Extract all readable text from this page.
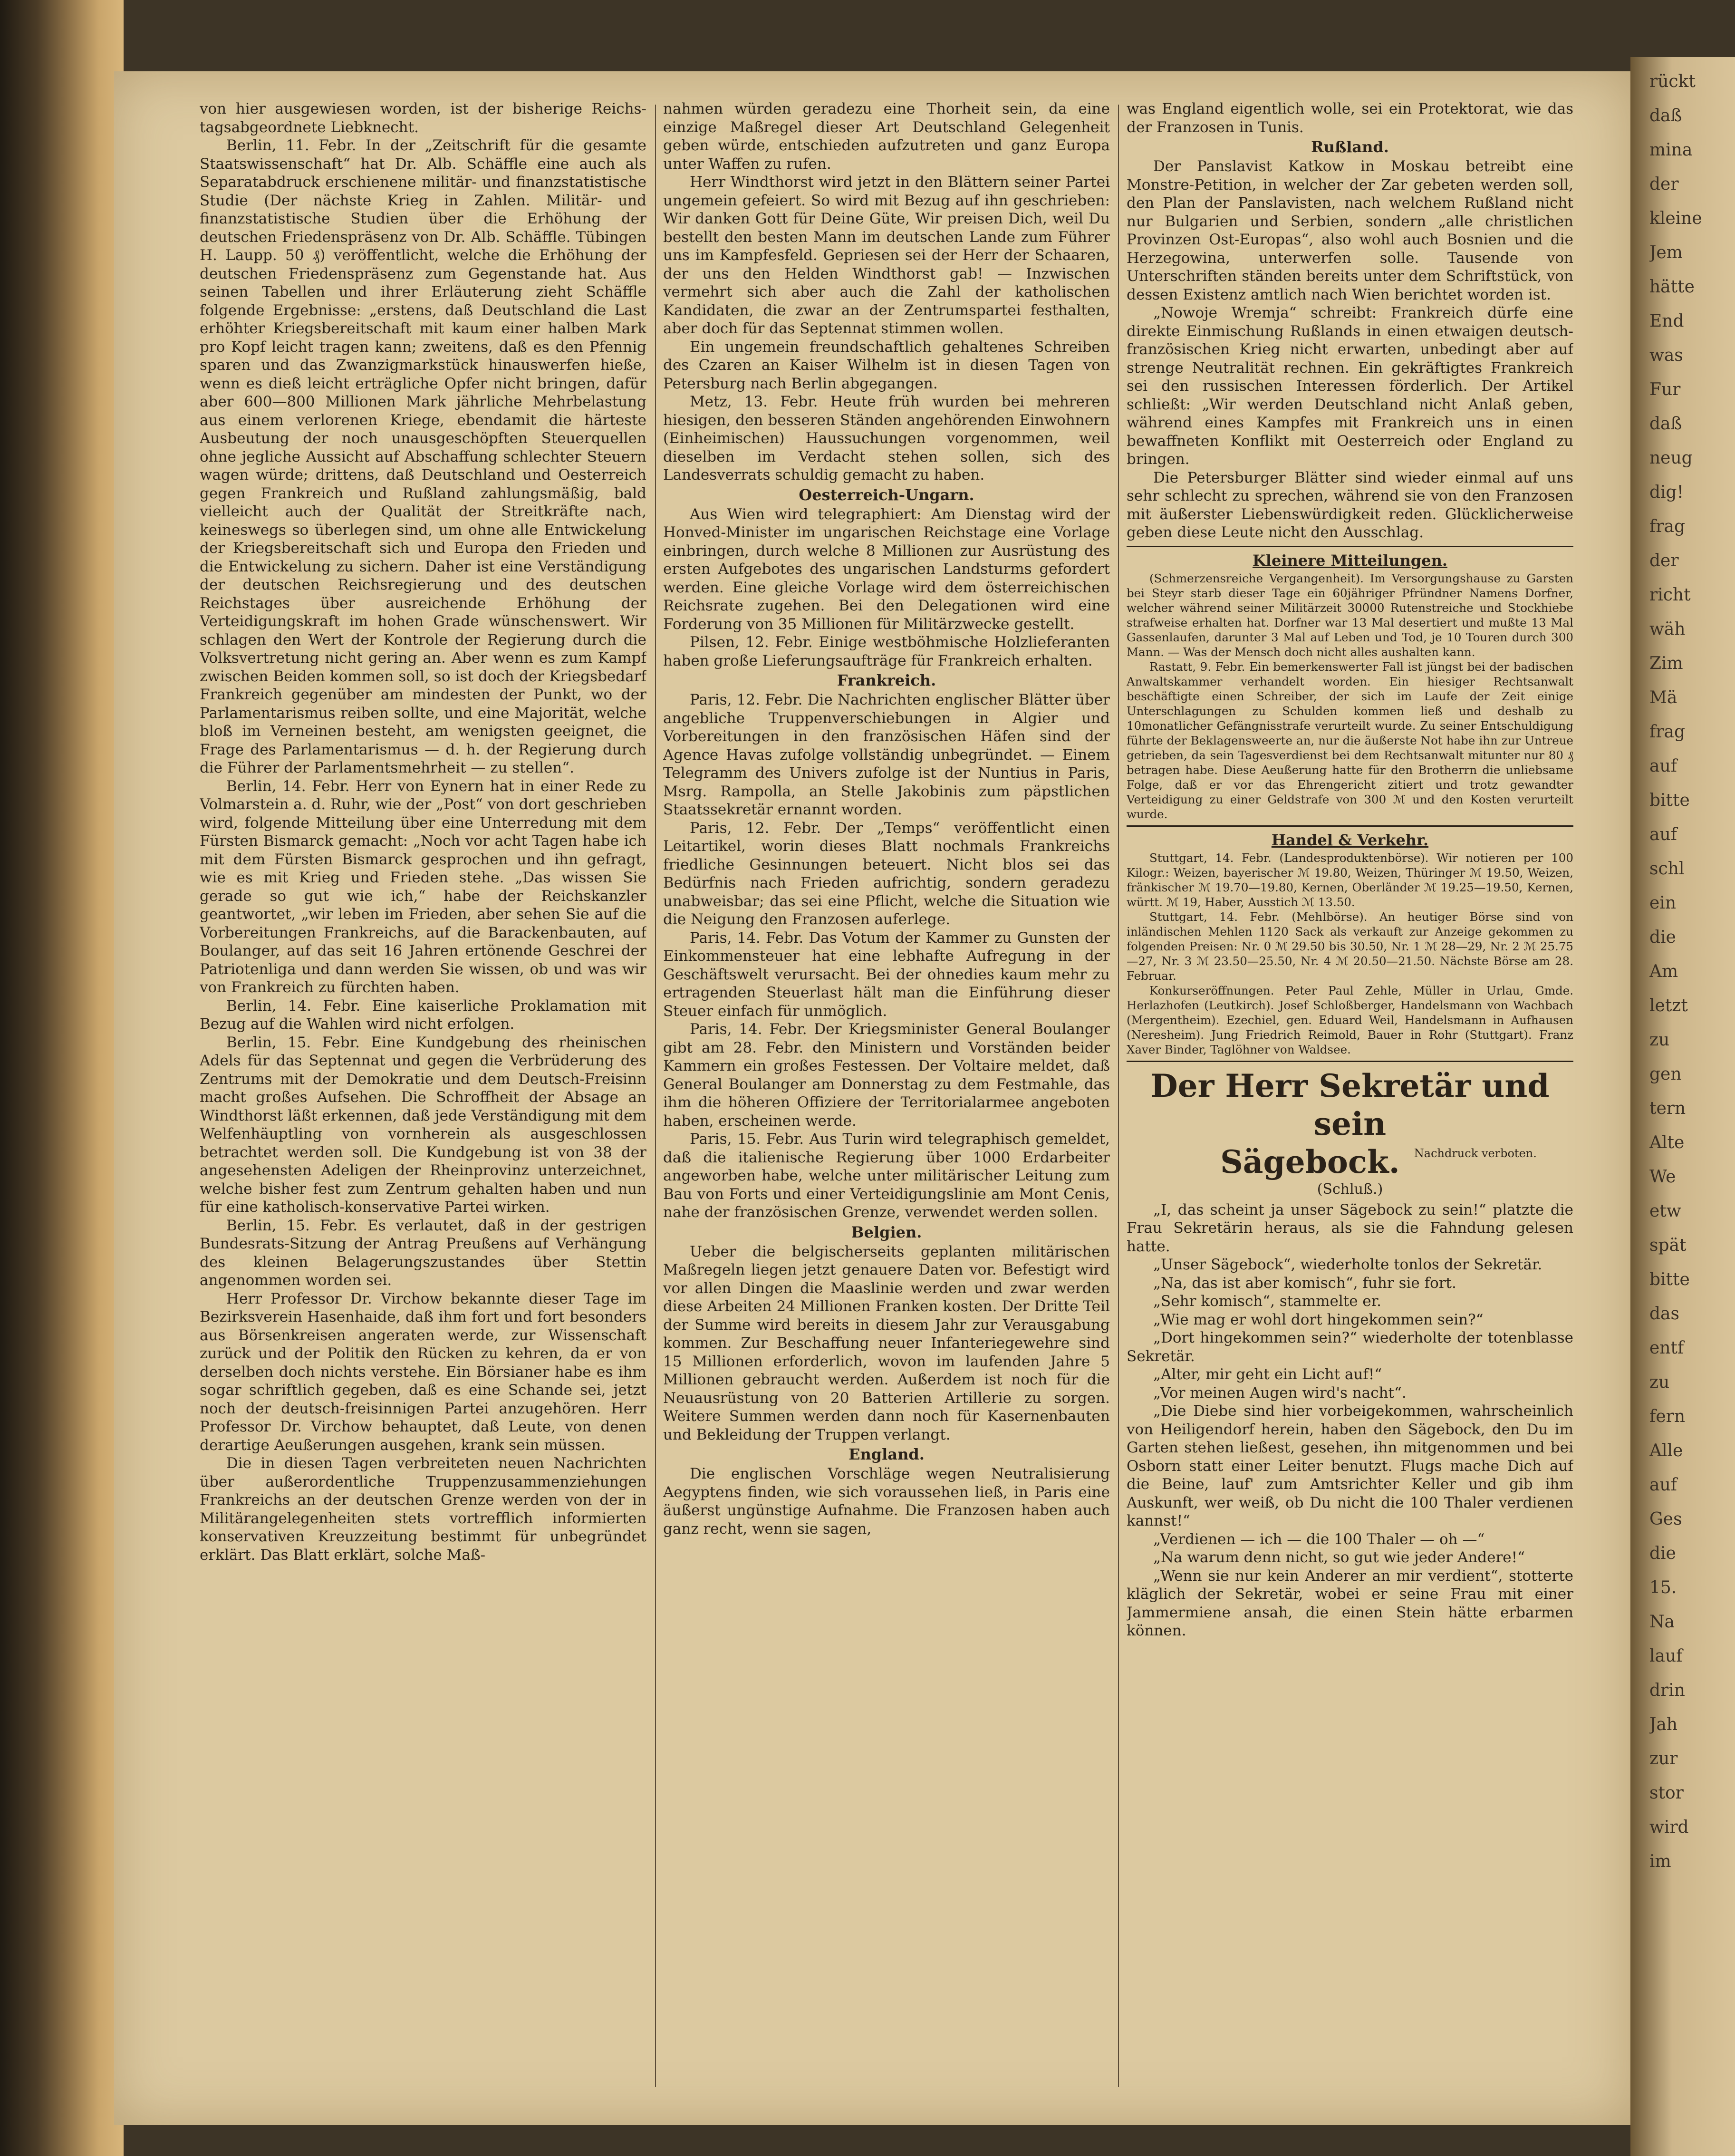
rückt
daß
mina
der
kleine
Jem
hätte
End
was
Fur
daß
neug
dig!
frag
der
richt
wäh
Zim
Mä
frag
auf
bitte
auf
schl
ein
die
Am
letzt
zu
gen
tern
Alte
We
etw
spät
bitte
das
entf
zu
fern
Alle
auf
Ges
die
15.
Na
lauf
drin
Jah
zur
stor
wird
im

von hier ausgewiesen worden, ist der bisherige Reichs-tagsabgeordnete Liebknecht.

Berlin, 11. Febr. In der „Zeitschrift für die gesamte Staatswissenschaft“ hat Dr. Alb. Schäffle eine auch als Separatabdruck erschienene militär- und finanzstatistische Studie (Der nächste Krieg in Zahlen. Militär- und finanzstatistische Studien über die Erhöhung der deutschen Friedenspräsenz von Dr. Alb. Schäffle. Tübingen H. Laupp. 50 ₰) veröffentlicht, welche die Erhöhung der deutschen Friedenspräsenz zum Gegenstande hat. Aus seinen Tabellen und ihrer Erläuterung zieht Schäffle folgende Ergebnisse: „erstens, daß Deutschland die Last erhöhter Kriegsbereitschaft mit kaum einer halben Mark pro Kopf leicht tragen kann; zweitens, daß es den Pfennig sparen und das Zwanzigmarkstück hinauswerfen hieße, wenn es dieß leicht erträgliche Opfer nicht bringen, dafür aber 600—800 Millionen Mark jährliche Mehrbelastung aus einem verlorenen Kriege, ebendamit die härteste Ausbeutung der noch unausgeschöpften Steuerquellen ohne jegliche Aussicht auf Abschaffung schlechter Steuern wagen würde; drittens, daß Deutschland und Oesterreich gegen Frankreich und Rußland zahlungsmäßig, bald vielleicht auch der Qualität der Streitkräfte nach, keineswegs so überlegen sind, um ohne alle Entwickelung der Kriegsbereitschaft sich und Europa den Frieden und die Entwickelung zu sichern. Daher ist eine Verständigung der deutschen Reichsregierung und des deutschen Reichstages über ausreichende Erhöhung der Verteidigungskraft im hohen Grade wünschenswert. Wir schlagen den Wert der Kontrole der Regierung durch die Volksvertretung nicht gering an. Aber wenn es zum Kampf zwischen Beiden kommen soll, so ist doch der Kriegsbedarf Frankreich gegenüber am mindesten der Punkt, wo der Parlamentarismus reiben sollte, und eine Majorität, welche bloß im Verneinen besteht, am wenigsten geeignet, die Frage des Parlamentarismus — d. h. der Regierung durch die Führer der Parlamentsmehrheit — zu stellen“.

Berlin, 14. Febr. Herr von Eynern hat in einer Rede zu Volmarstein a. d. Ruhr, wie der „Post“ von dort geschrieben wird, folgende Mitteilung über eine Unterredung mit dem Fürsten Bismarck gemacht: „Noch vor acht Tagen habe ich mit dem Fürsten Bismarck gesprochen und ihn gefragt, wie es mit Krieg und Frieden stehe. „Das wissen Sie gerade so gut wie ich,“ habe der Reichskanzler geantwortet, „wir leben im Frieden, aber sehen Sie auf die Vorbereitungen Frankreichs, auf die Barackenbauten, auf Boulanger, auf das seit 16 Jahren ertönende Geschrei der Patriotenliga und dann werden Sie wissen, ob und was wir von Frankreich zu fürchten haben.

Berlin, 14. Febr. Eine kaiserliche Proklamation mit Bezug auf die Wahlen wird nicht erfolgen.

Berlin, 15. Febr. Eine Kundgebung des rheinischen Adels für das Septennat und gegen die Verbrüderung des Zentrums mit der Demokratie und dem Deutsch-Freisinn macht großes Aufsehen. Die Schroffheit der Absage an Windthorst läßt erkennen, daß jede Verständigung mit dem Welfenhäuptling von vornherein als ausgeschlossen betrachtet werden soll. Die Kundgebung ist von 38 der angesehensten Adeligen der Rheinprovinz unterzeichnet, welche bisher fest zum Zentrum gehalten haben und nun für eine katholisch-konservative Partei wirken.

Berlin, 15. Febr. Es verlautet, daß in der gestrigen Bundesrats-Sitzung der Antrag Preußens auf Verhängung des kleinen Belagerungszustandes über Stettin angenommen worden sei.

Herr Professor Dr. Virchow bekannte dieser Tage im Bezirksverein Hasenhaide, daß ihm fort und fort besonders aus Börsenkreisen angeraten werde, zur Wissenschaft zurück und der Politik den Rücken zu kehren, da er von derselben doch nichts verstehe. Ein Börsianer habe es ihm sogar schriftlich gegeben, daß es eine Schande sei, jetzt noch der deutsch-freisinnigen Partei anzugehören. Herr Professor Dr. Virchow behauptet, daß Leute, von denen derartige Aeußerungen ausgehen, krank sein müssen.

Die in diesen Tagen verbreiteten neuen Nachrichten über außerordentliche Truppenzusammenziehungen Frankreichs an der deutschen Grenze werden von der in Militärangelegenheiten stets vortrefflich informierten konservativen Kreuzzeitung bestimmt für unbegründet erklärt. Das Blatt erklärt, solche Maß-

nahmen würden geradezu eine Thorheit sein, da eine einzige Maßregel dieser Art Deutschland Gelegenheit geben würde, entschieden aufzutreten und ganz Europa unter Waffen zu rufen.

Herr Windthorst wird jetzt in den Blättern seiner Partei ungemein gefeiert. So wird mit Bezug auf ihn geschrieben: Wir danken Gott für Deine Güte, Wir preisen Dich, weil Du bestellt den besten Mann im deutschen Lande zum Führer uns im Kampfesfeld. Gepriesen sei der Herr der Schaaren, der uns den Helden Windthorst gab! — Inzwischen vermehrt sich aber auch die Zahl der katholischen Kandidaten, die zwar an der Zentrumspartei festhalten, aber doch für das Septennat stimmen wollen.

Ein ungemein freundschaftlich gehaltenes Schreiben des Czaren an Kaiser Wilhelm ist in diesen Tagen von Petersburg nach Berlin abgegangen.

Metz, 13. Febr. Heute früh wurden bei mehreren hiesigen, den besseren Ständen angehörenden Einwohnern (Einheimischen) Haussuchungen vorgenommen, weil dieselben im Verdacht stehen sollen, sich des Landesverrats schuldig gemacht zu haben.

Oesterreich-Ungarn.

Aus Wien wird telegraphiert: Am Dienstag wird der Honved-Minister im ungarischen Reichstage eine Vorlage einbringen, durch welche 8 Millionen zur Ausrüstung des ersten Aufgebotes des ungarischen Landsturms gefordert werden. Eine gleiche Vorlage wird dem österreichischen Reichsrate zugehen. Bei den Delegationen wird eine Forderung von 35 Millionen für Militärzwecke gestellt.

Pilsen, 12. Febr. Einige westböhmische Holzlieferanten haben große Lieferungsaufträge für Frankreich erhalten.

Frankreich.

Paris, 12. Febr. Die Nachrichten englischer Blätter über angebliche Truppenverschiebungen in Algier und Vorbereitungen in den französischen Häfen sind der Agence Havas zufolge vollständig unbegründet. — Einem Telegramm des Univers zufolge ist der Nuntius in Paris, Msrg. Rampolla, an Stelle Jakobinis zum päpstlichen Staatssekretär ernannt worden.

Paris, 12. Febr. Der „Temps“ veröffentlicht einen Leitartikel, worin dieses Blatt nochmals Frankreichs friedliche Gesinnungen beteuert. Nicht blos sei das Bedürfnis nach Frieden aufrichtig, sondern geradezu unabweisbar; das sei eine Pflicht, welche die Situation wie die Neigung den Franzosen auferlege.

Paris, 14. Febr. Das Votum der Kammer zu Gunsten der Einkommensteuer hat eine lebhafte Aufregung in der Geschäftswelt verursacht. Bei der ohnedies kaum mehr zu ertragenden Steuerlast hält man die Einführung dieser Steuer einfach für unmöglich.

Paris, 14. Febr. Der Kriegsminister General Boulanger gibt am 28. Febr. den Ministern und Vorständen beider Kammern ein großes Festessen. Der Voltaire meldet, daß General Boulanger am Donnerstag zu dem Festmahle, das ihm die höheren Offiziere der Territorialarmee angeboten haben, erscheinen werde.

Paris, 15. Febr. Aus Turin wird telegraphisch gemeldet, daß die italienische Regierung über 1000 Erdarbeiter angeworben habe, welche unter militärischer Leitung zum Bau von Forts und einer Verteidigungslinie am Mont Cenis, nahe der französischen Grenze, verwendet werden sollen.

Belgien.

Ueber die belgischerseits geplanten militärischen Maßregeln liegen jetzt genauere Daten vor. Befestigt wird vor allen Dingen die Maaslinie werden und zwar werden diese Arbeiten 24 Millionen Franken kosten. Der Dritte Teil der Summe wird bereits in diesem Jahr zur Verausgabung kommen. Zur Beschaffung neuer Infanteriegewehre sind 15 Millionen erforderlich, wovon im laufenden Jahre 5 Millionen gebraucht werden. Außerdem ist noch für die Neuausrüstung von 20 Batterien Artillerie zu sorgen. Weitere Summen werden dann noch für Kasernenbauten und Bekleidung der Truppen verlangt.

England.

Die englischen Vorschläge wegen Neutralisierung Aegyptens finden, wie sich voraussehen ließ, in Paris eine äußerst ungünstige Aufnahme. Die Franzosen haben auch ganz recht, wenn sie sagen,

was England eigentlich wolle, sei ein Protektorat, wie das der Franzosen in Tunis.

Rußland.

Der Panslavist Katkow in Moskau betreibt eine Monstre-Petition, in welcher der Zar gebeten werden soll, den Plan der Panslavisten, nach welchem Rußland nicht nur Bulgarien und Serbien, sondern „alle christlichen Provinzen Ost-Europas“, also wohl auch Bosnien und die Herzegowina, unterwerfen solle. Tausende von Unterschriften ständen bereits unter dem Schriftstück, von dessen Existenz amtlich nach Wien berichtet worden ist.

„Nowoje Wremja“ schreibt: Frankreich dürfe eine direkte Einmischung Rußlands in einen etwaigen deutsch-französischen Krieg nicht erwarten, unbedingt aber auf strenge Neutralität rechnen. Ein gekräftigtes Frankreich sei den russischen Interessen förderlich. Der Artikel schließt: „Wir werden Deutschland nicht Anlaß geben, während eines Kampfes mit Frankreich uns in einen bewaffneten Konflikt mit Oesterreich oder England zu bringen.

Die Petersburger Blätter sind wieder einmal auf uns sehr schlecht zu sprechen, während sie von den Franzosen mit äußerster Liebenswürdigkeit reden. Glücklicherweise geben diese Leute nicht den Ausschlag.

Kleinere Mitteilungen.

(Schmerzensreiche Vergangenheit). Im Versorgungshause zu Garsten bei Steyr starb dieser Tage ein 60jähriger Pfründner Namens Dorfner, welcher während seiner Militärzeit 30000 Rutenstreiche und Stockhiebe strafweise erhalten hat. Dorfner war 13 Mal desertiert und mußte 13 Mal Gassenlaufen, darunter 3 Mal auf Leben und Tod, je 10 Touren durch 300 Mann. — Was der Mensch doch nicht alles aushalten kann.

Rastatt, 9. Febr. Ein bemerkenswerter Fall ist jüngst bei der badischen Anwaltskammer verhandelt worden. Ein hiesiger Rechtsanwalt beschäftigte einen Schreiber, der sich im Laufe der Zeit einige Unterschlagungen zu Schulden kommen ließ und deshalb zu 10monatlicher Gefängnisstrafe verurteilt wurde. Zu seiner Entschuldigung führte der Beklagensweerte an, nur die äußerste Not habe ihn zur Untreue getrieben, da sein Tagesverdienst bei dem Rechtsanwalt mitunter nur 80 ₰ betragen habe. Diese Aeußerung hatte für den Brotherrn die unliebsame Folge, daß er vor das Ehrengericht zitiert und trotz gewandter Verteidigung zu einer Geldstrafe von 300 ℳ und den Kosten verurteilt wurde.

Handel & Verkehr.

Stuttgart, 14. Febr. (Landesproduktenbörse). Wir notieren per 100 Kilogr.: Weizen, bayerischer ℳ 19.80, Weizen, Thüringer ℳ 19.50, Weizen, fränkischer ℳ 19.70—19.80, Kernen, Oberländer ℳ 19.25—19.50, Kernen, württ. ℳ 19, Haber, Ausstich ℳ 13.50.

Stuttgart, 14. Febr. (Mehlbörse). An heutiger Börse sind von inländischen Mehlen 1120 Sack als verkauft zur Anzeige gekommen zu folgenden Preisen: Nr. 0 ℳ 29.50 bis 30.50, Nr. 1 ℳ 28—29, Nr. 2 ℳ 25.75—27, Nr. 3 ℳ 23.50—25.50, Nr. 4 ℳ 20.50—21.50. Nächste Börse am 28. Februar.

Konkurseröffnungen. Peter Paul Zehle, Müller in Urlau, Gmde. Herlazhofen (Leutkirch). Josef Schloßberger, Handelsmann von Wachbach (Mergentheim). Ezechiel, gen. Eduard Weil, Handelsmann in Aufhausen (Neresheim). Jung Friedrich Reimold, Bauer in Rohr (Stuttgart). Franz Xaver Binder, Taglöhner von Waldsee.

Der Herr Sekretär und sein
Sägebock. Nachdruck verboten.
(Schluß.)

„I, das scheint ja unser Sägebock zu sein!“ platzte die Frau Sekretärin heraus, als sie die Fahndung gelesen hatte.

„Unser Sägebock“, wiederholte tonlos der Sekretär.

„Na, das ist aber komisch“, fuhr sie fort.

„Sehr komisch“, stammelte er.

„Wie mag er wohl dort hingekommen sein?“

„Dort hingekommen sein?“ wiederholte der totenblasse Sekretär.

„Alter, mir geht ein Licht auf!“

„Vor meinen Augen wird's nacht“.

„Die Diebe sind hier vorbeigekommen, wahrscheinlich von Heiligendorf herein, haben den Sägebock, den Du im Garten stehen ließest, gesehen, ihn mitgenommen und bei Osborn statt einer Leiter benutzt. Flugs mache Dich auf die Beine, lauf' zum Amtsrichter Keller und gib ihm Auskunft, wer weiß, ob Du nicht die 100 Thaler verdienen kannst!“

„Verdienen — ich — die 100 Thaler — oh —“

„Na warum denn nicht, so gut wie jeder Andere!“

„Wenn sie nur kein Anderer an mir verdient“, stotterte kläglich der Sekretär, wobei er seine Frau mit einer Jammermiene ansah, die einen Stein hätte erbarmen können.
